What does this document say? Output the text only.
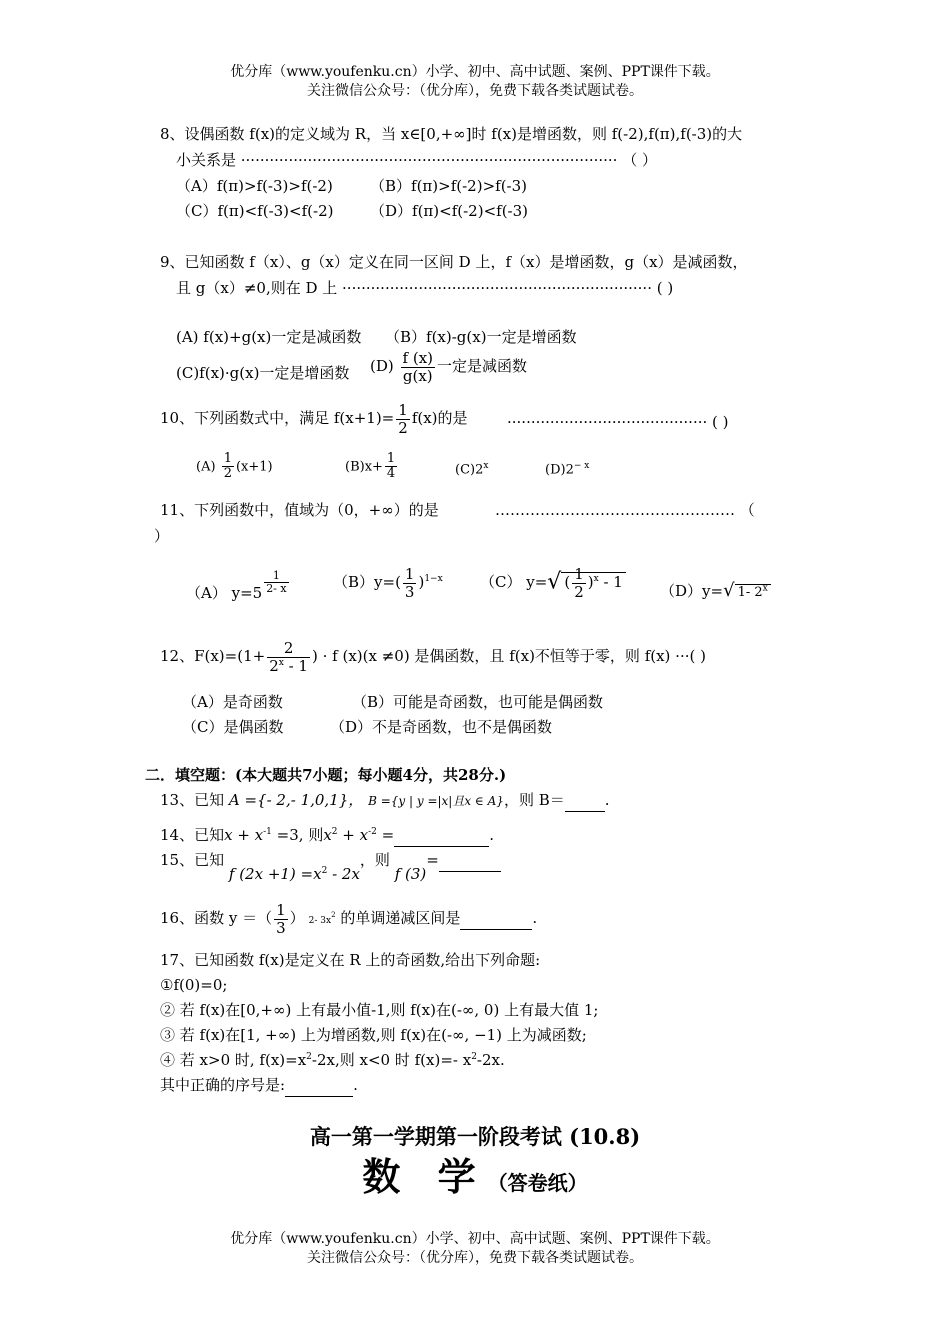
优分库（www.youfenku.cn）小学、初中、高中试题、案例、PPT课件下载。
关注微信公众号：（优分库），免费下载各类试题试卷。
8、设偶函数 f(x)的定义域为 R，当 x∈[0,+∞]时 f(x)是增函数，则 f(-2),f(π),f(-3)的大
小关系是 ··············································································· （ ）
（A）f(π)>f(-3)>f(-2) （B）f(π)>f(-2)>f(-3)
（C）f(π)<f(-3)<f(-2) （D）f(π)<f(-2)<f(-3)
9、已知函数 f（x）、g（x）定义在同一区间 D 上，f（x）是增函数，g（x）是减函数，
且 g（x）≠0,则在 D 上 ································································· ( )
(A) f(x)+g(x)一定是减函数 （B）f(x)-g(x)一定是增函数
(C)f(x)·g(x)一定是增函数 $(D) \frac{f (x)}{g(x)}$ 一定是减函数
10、下列函数式中，满足 $f(x+1)= \frac{1}{2} f(x)$的是	·········································· ( )
$(A) \frac{1}{2} (x+1)$	$(B)x+ \frac{1}{4}$	(C)2$^x$	$(D)2^{- x}$
11、下列函数中，值域为（0，+∞）的是	………………………………………… （
）
（A） $y=5 \frac{1}{2- x}$	$(B)y=( \frac{1}{3} )^{1-x}$ （C） y=√ ( $\frac{1}{2} )^x - 1$ （D）y=√ 1- 2$^x$
12、$F(x)=(1+ \frac{2}{2^x - 1}$ ) · f (x)(x ≠0) 是偶函数，且 f(x)不恒等于零，则 f(x) ···( )
（A）是奇函数	（B）可能是奇函数，也可能是偶函数
（C）是偶函数	（D）不是奇函数，也不是偶函数
二．填空题：(本大题共7小题；每小题4分，共28分.)
13、已知 A ={- 2,- 1,0,1}， B ={y | y =|x|且x ∈ A}，则 B＝	.
14、已知$x + x^{-1} =3$, 则$x^2 + x^{-2}$ =	.
15、已知 f $(2x +1) =x^2 - 2x$，则 f (3)=
16、函数 y ＝（ $\frac{1}{3}$ ） 2- $3x^2$ 的单调递减区间是	.
17、已知函数 f(x)是定义在 R 上的奇函数,给出下列命题:
①f(0)=0;
② 若 f(x)在[0,+∞) 上有最小值-1,则 f(x)在(-∞, 0) 上有最大值 1;
③ 若 f(x)在[1, +∞) 上为增函数,则 f(x)在(-∞, −1) 上为减函数;
④ 若 x>0 时, $f(x)=x^2-2x$,则 x<0 时 f(x)=- $x^2-2x$.
其中正确的序号是:	.
高一第一学期第一阶段考试 (10.8)
数 学（答卷纸）
优分库（www.youfenku.cn）小学、初中、高中试题、案例、PPT课件下载。
关注微信公众号：（优分库），免费下载各类试题试卷。
